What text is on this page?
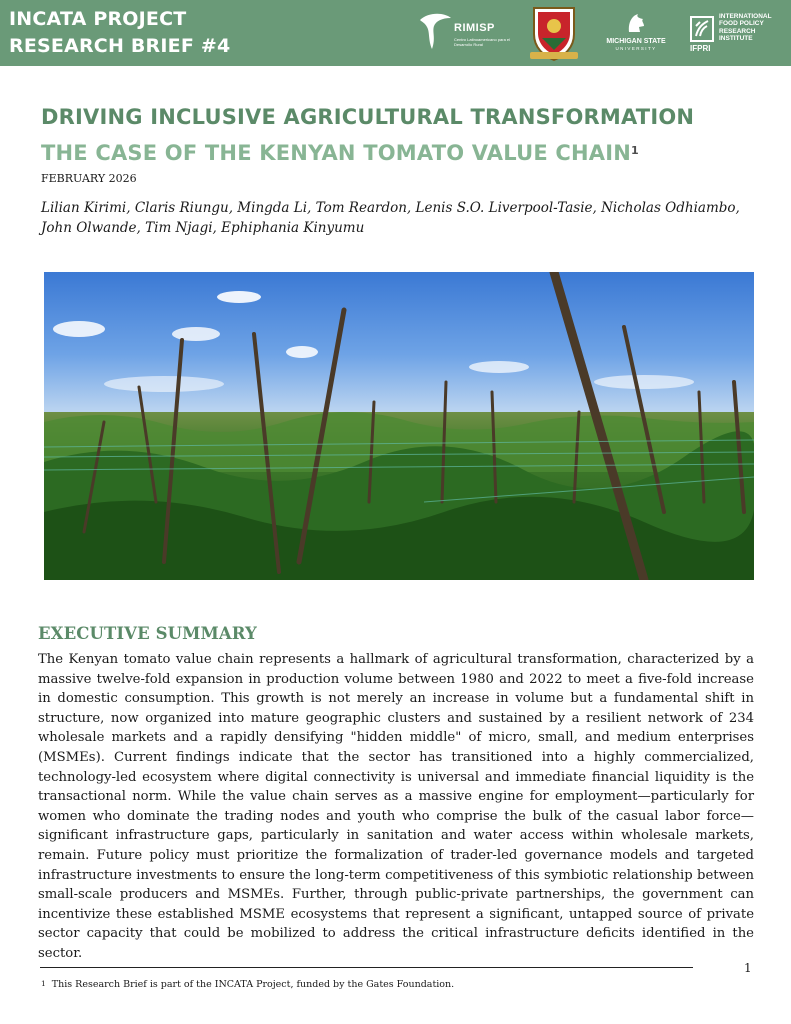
INCATA PROJECT
RESEARCH BRIEF #4
RIMISP
Centro Latinoamericano para el Desarrollo Rural	MICHIGAN STATE
UNIVERSITY	IFPRI
INTERNATIONAL
FOOD POLICY
RESEARCH
INSTITUTE
DRIVING INCLUSIVE AGRICULTURAL TRANSFORMATION
THE CASE OF THE KENYAN TOMATO VALUE CHAIN$^1$
FEBRUARY 2026
Lilian Kirimi, Claris Riungu, Mingda Li, Tom Reardon, Lenis S.O. Liverpool-Tasie, Nicholas Odhiambo, John Olwande, Tim Njagi, Ephiphania Kinyumu
EXECUTIVE SUMMARY
The Kenyan tomato value chain represents a hallmark of agricultural transformation, characterized by a massive twelve-fold expansion in production volume between 1980 and 2022 to meet a five-fold increase in domestic consumption. This growth is not merely an increase in volume but a fundamental shift in structure, now organized into mature geographic clusters and sustained by a resilient network of 234 wholesale markets and a rapidly densifying "hidden middle" of micro, small, and medium enterprises (MSMEs). Current findings indicate that the sector has transitioned into a highly commercialized, technology-led ecosystem where digital connectivity is universal and immediate financial liquidity is the transactional norm. While the value chain serves as a massive engine for employment—particularly for women who dominate the trading nodes and youth who comprise the bulk of the casual labor force—significant infrastructure gaps, particularly in sanitation and water access within wholesale markets, remain. Future policy must prioritize the formalization of trader-led governance models and targeted infrastructure investments to ensure the long-term competitiveness of this symbiotic relationship between small-scale producers and MSMEs. Further, through public-private partnerships, the government can incentivize these established MSME ecosystems that represent a significant, untapped source of private sector capacity that could be mobilized to address the critical infrastructure deficits identified in the sector.
1
$^1$ This Research Brief is part of the INCATA Project, funded by the Gates Foundation.
